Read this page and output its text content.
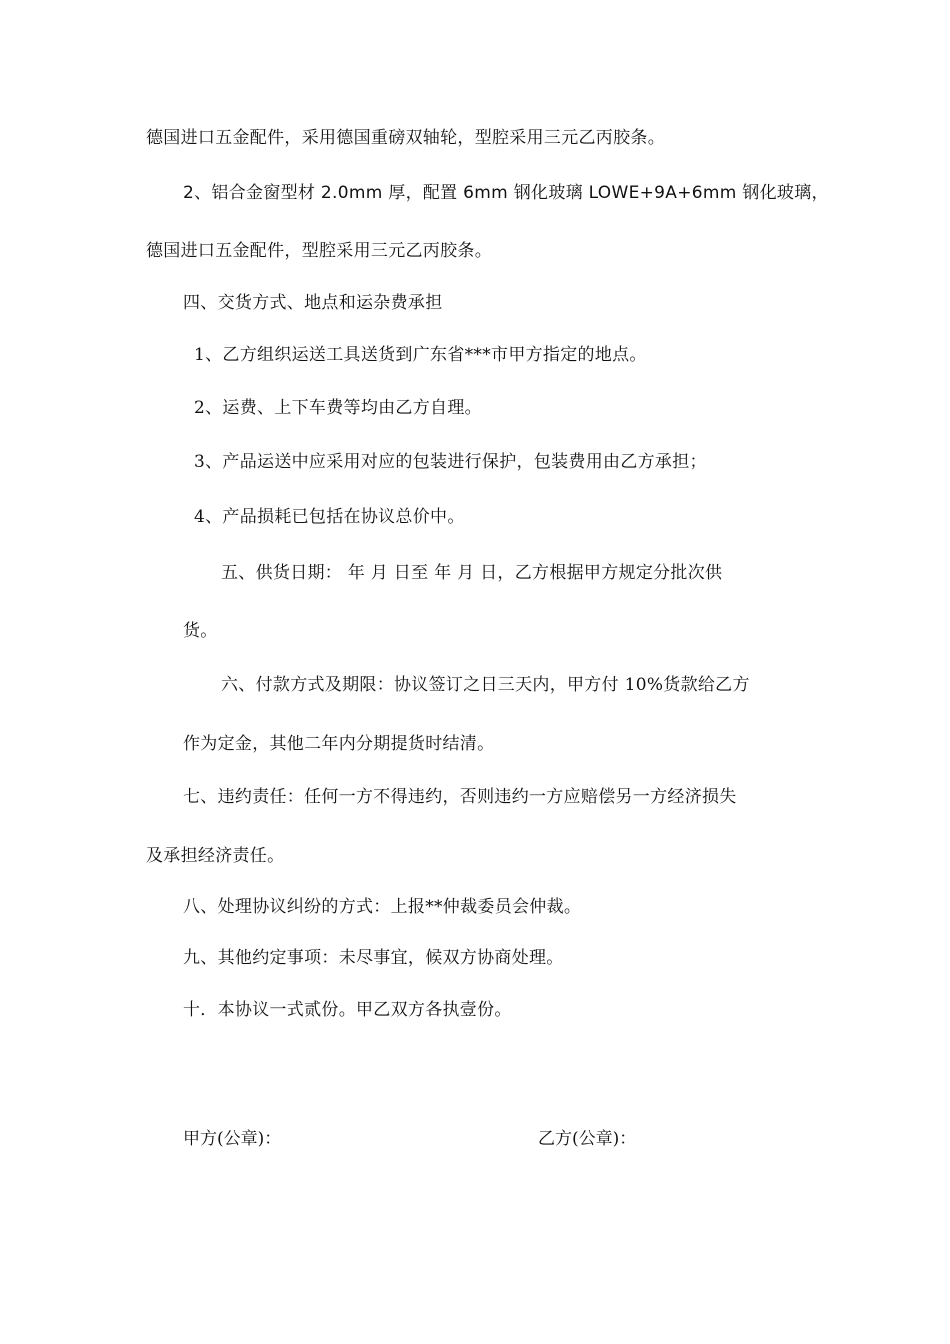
德国进口五金配件，采用德国重磅双轴轮，型腔采用三元乙丙胶条。
2、铝合金窗型材 2.0mm 厚，配置 6mm 钢化玻璃 LOWE+9A+6mm 钢化玻璃，
德国进口五金配件，型腔采用三元乙丙胶条。
四、交货方式、地点和运杂费承担
1、乙方组织运送工具送货到广东省***市甲方指定的地点。
2、运费、上下车费等均由乙方自理。
3、产品运送中应采用对应的包装进行保护，包装费用由乙方承担；
4、产品损耗已包括在协议总价中。
五、供货日期： 年 月 日至 年 月 日，乙方根据甲方规定分批次供
货。
六、付款方式及期限：协议签订之日三天内，甲方付 10%货款给乙方
作为定金，其他二年内分期提货时结清。
七、违约责任：任何一方不得违约，否则违约一方应赔偿另一方经济损失
及承担经济责任。
八、处理协议纠纷的方式：上报**仲裁委员会仲裁。
九、其他约定事项：未尽事宜，候双方协商处理。
十．本协议一式贰份。甲乙双方各执壹份。
甲方(公章)：	乙方(公章)：
